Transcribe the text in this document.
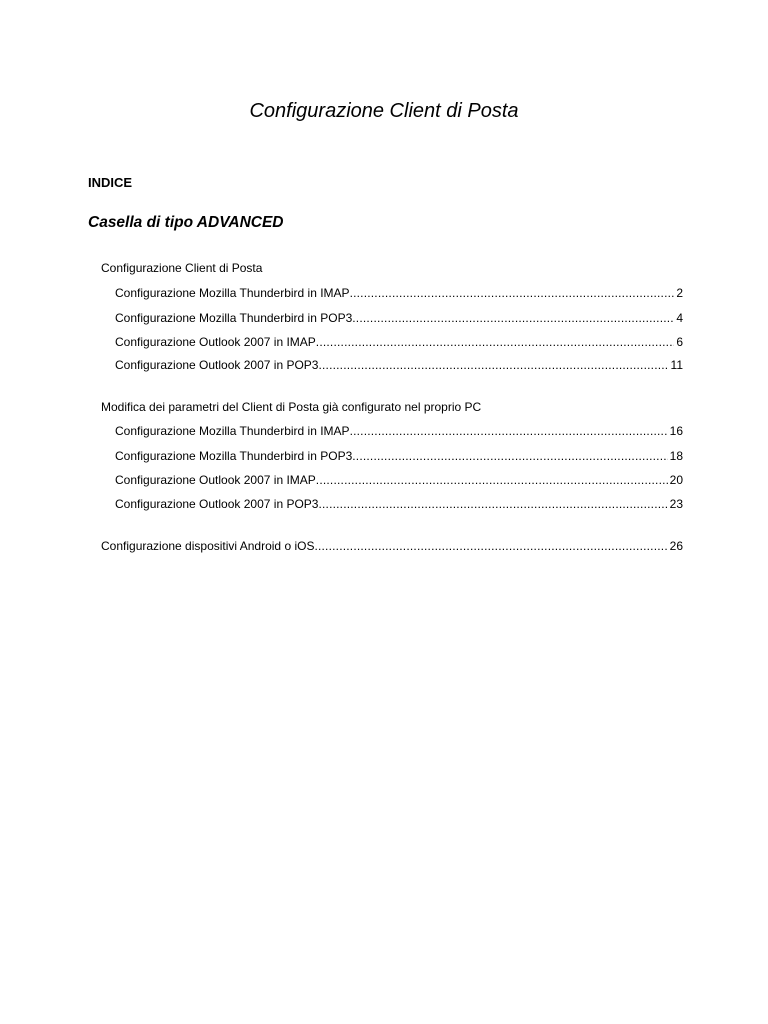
Configurazione Client di Posta
INDICE
Casella di tipo ADVANCED
Configurazione Client di Posta
Configurazione Mozilla Thunderbird in IMAP .....	2
Configurazione Mozilla Thunderbird in POP3 .....	4
Configurazione Outlook 2007 in IMAP .....	6
Configurazione Outlook 2007 in POP3 .....	11
Modifica dei parametri del Client di Posta già configurato nel proprio PC
Configurazione Mozilla Thunderbird in IMAP .....	16
Configurazione Mozilla Thunderbird in POP3 .....	18
Configurazione Outlook 2007 in IMAP .....	20
Configurazione Outlook 2007 in POP3 .....	23
Configurazione dispositivi Android o iOS .....	26
